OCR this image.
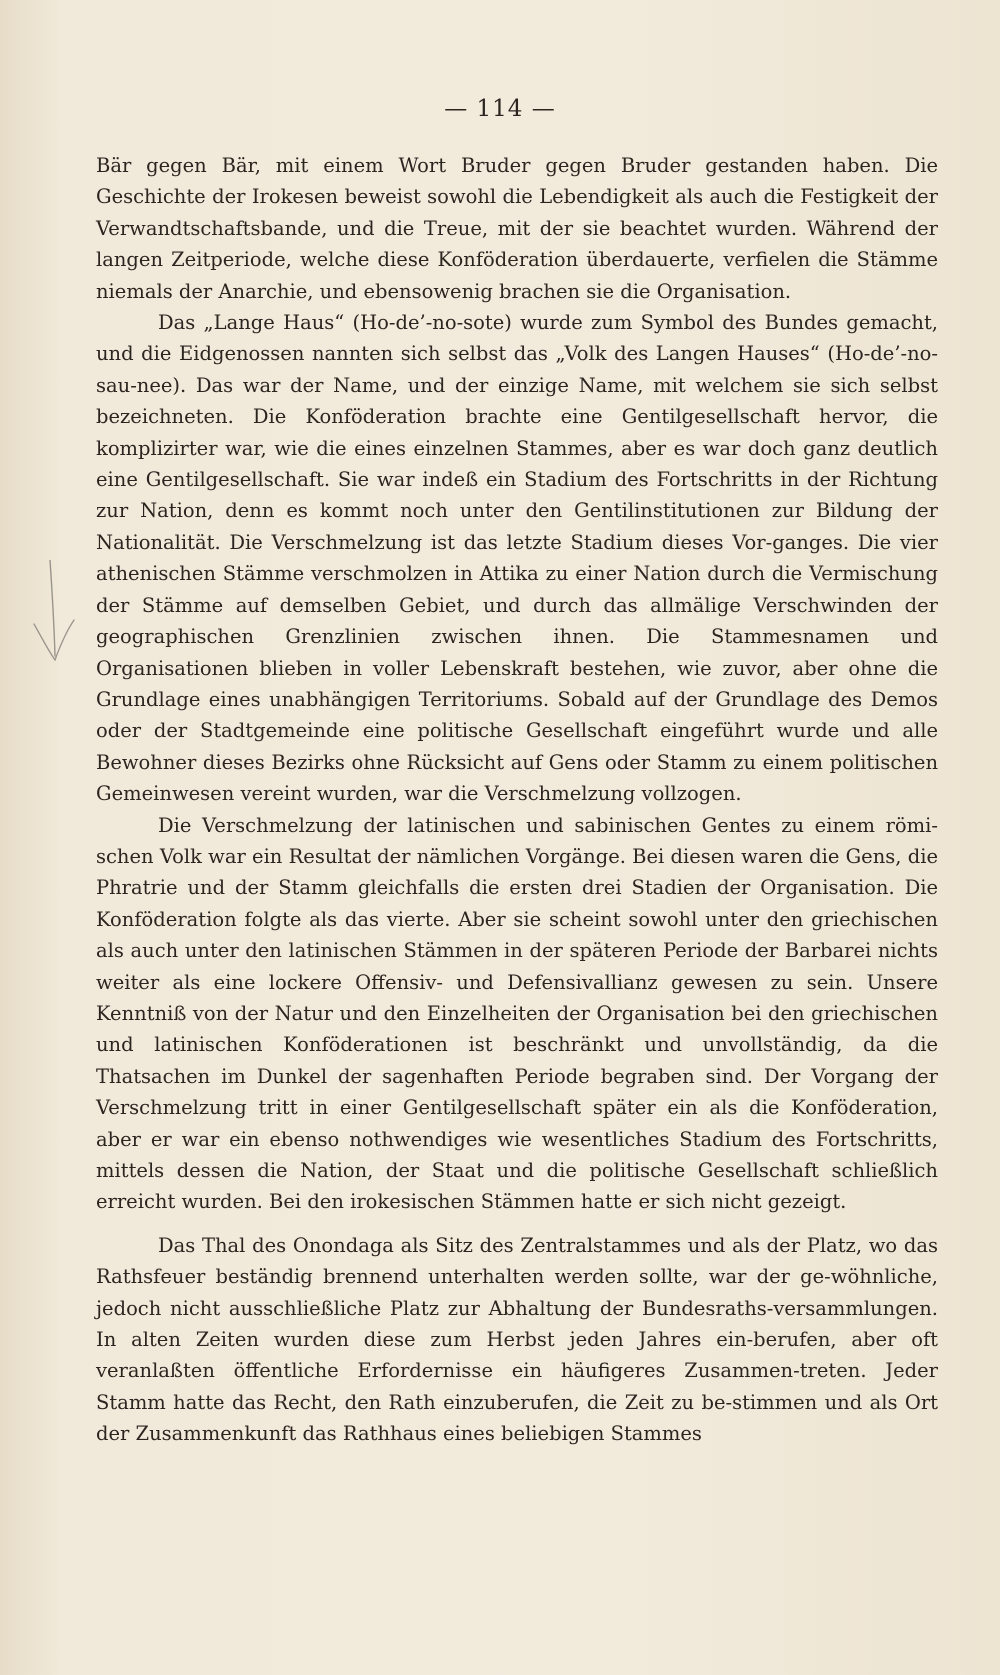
— 114 —

Bär gegen Bär, mit einem Wort Bruder gegen Bruder gestanden haben. Die Geschichte der Irokesen beweist sowohl die Lebendigkeit als auch die Festigkeit der Verwandtschaftsbande, und die Treue, mit der sie beachtet wurden. Während der langen Zeitperiode, welche diese Konföderation überdauerte, verfielen die Stämme niemals der Anarchie, und ebensowenig brachen sie die Organisation.

Das „Lange Haus“ (Ho-de’-no-sote) wurde zum Symbol des Bundes gemacht, und die Eidgenossen nannten sich selbst das „Volk des Langen Hauses“ (Ho-de’-no-sau-nee). Das war der Name, und der einzige Name, mit welchem sie sich selbst bezeichneten. Die Konföderation brachte eine Gentilgesellschaft hervor, die komplizirter war, wie die eines einzelnen Stammes, aber es war doch ganz deutlich eine Gentilgesellschaft. Sie war indeß ein Stadium des Fortschritts in der Richtung zur Nation, denn es kommt noch unter den Gentilinstitutionen zur Bildung der Nationalität. Die Verschmelzung ist das letzte Stadium dieses Vor-ganges. Die vier athenischen Stämme verschmolzen in Attika zu einer Nation durch die Vermischung der Stämme auf demselben Gebiet, und durch das allmälige Verschwinden der geographischen Grenzlinien zwischen ihnen. Die Stammesnamen und Organisationen blieben in voller Lebenskraft bestehen, wie zuvor, aber ohne die Grundlage eines unabhängigen Territoriums. Sobald auf der Grundlage des Demos oder der Stadtgemeinde eine politische Gesellschaft eingeführt wurde und alle Bewohner dieses Bezirks ohne Rücksicht auf Gens oder Stamm zu einem politischen Gemeinwesen vereint wurden, war die Verschmelzung vollzogen.

Die Verschmelzung der latinischen und sabinischen Gentes zu einem römi-schen Volk war ein Resultat der nämlichen Vorgänge. Bei diesen waren die Gens, die Phratrie und der Stamm gleichfalls die ersten drei Stadien der Organisation. Die Konföderation folgte als das vierte. Aber sie scheint sowohl unter den griechischen als auch unter den latinischen Stämmen in der späteren Periode der Barbarei nichts weiter als eine lockere Offensiv- und Defensivallianz gewesen zu sein. Unsere Kenntniß von der Natur und den Einzelheiten der Organisation bei den griechischen und latinischen Konföderationen ist beschränkt und unvollständig, da die Thatsachen im Dunkel der sagenhaften Periode begraben sind. Der Vorgang der Verschmelzung tritt in einer Gentilgesellschaft später ein als die Konföderation, aber er war ein ebenso nothwendiges wie wesentliches Stadium des Fortschritts, mittels dessen die Nation, der Staat und die politische Gesellschaft schließlich erreicht wurden. Bei den irokesischen Stämmen hatte er sich nicht gezeigt.

Das Thal des Onondaga als Sitz des Zentralstammes und als der Platz, wo das Rathsfeuer beständig brennend unterhalten werden sollte, war der ge-wöhnliche, jedoch nicht ausschließliche Platz zur Abhaltung der Bundesraths-versammlungen. In alten Zeiten wurden diese zum Herbst jeden Jahres ein-berufen, aber oft veranlaßten öffentliche Erfordernisse ein häufigeres Zusammen-treten. Jeder Stamm hatte das Recht, den Rath einzuberufen, die Zeit zu be-stimmen und als Ort der Zusammenkunft das Rathhaus eines beliebigen Stammes
